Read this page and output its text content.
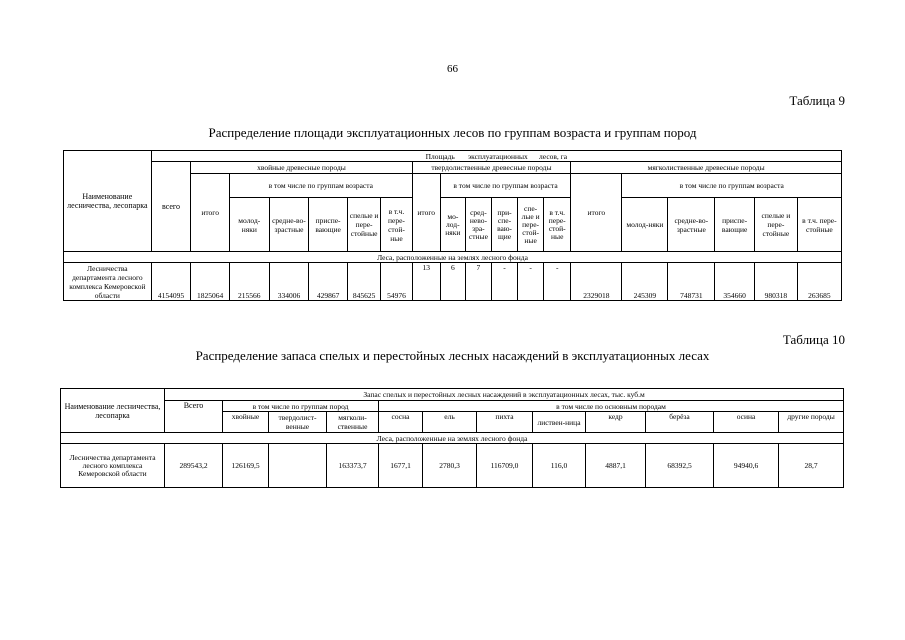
66
Таблица 9
Распределение площади эксплуатационных лесов по группам возраста и группам пород
Наименование лесничества, лесопарка	Площадь       эксплуатационных      лесов, га																		
	всего	хвойные древесные породы						твердолиственные древесные породы						мягколиственные древесные породы					
		итого	в том числе по группам возраста					итого	в том числе по группам возраста					итого	в том числе по группам возраста				
			молод-няки	средне-во-зрастные	приспе-вающие	спелые и пере-стойные	в т.ч. пере-стой-ные		мо-лод-няки	сред-нево-зра-стные	при-спе-ваю-щие	спе-лые и пере-стой-ные	в т.ч. пере-стой-ные		молод-няки	средне-во-зрастные	приспе-вающие	спелые и пере-стойные	в т.ч. пере-стойные
Леса, расположенные на землях лесного фонда																			
Лесничества департамента лесного комплекса Кемеровской области	4154095	1825064	215566	334006	429867	845625	54976	13	6	7	-	-	-	2329018	245309	748731	354660	980318	263685
Таблица 10
Распределение запаса спелых и перестойных лесных насаждений в эксплуатационных лесах
Наименование лесничества, лесопарка	Запас спелых и перестойных лесных насаждений в эксплуатационных лесах, тыс. куб.м											
	Всего	в том числе по группам пород			в том числе по основным породам							
		хвойные	твердолист-венные	мягколи-ственные	сосна	ель	пихта	листвен-ница	кедр	берёза	осина	другие породы
Леса, расположенные на землях лесного фонда												
Лесничества департамента лесного комплекса Кемеровской области	289543,2	126169,5		163373,7	1677,1	2780,3	116709,0	116,0	4887,1	68392,5	94940,6	28,7
